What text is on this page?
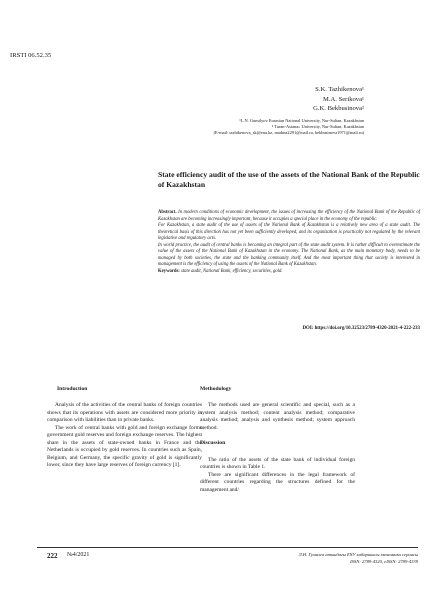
IRSTI 06.52.35
S.K. Tazhikenova¹
M.A. Serikova¹
G.K. Bekbusinova²
¹L.N. Gumilyov Eurasian National University, Nur-Sultan, Kazakhstan
² Turan-Astana» University, Nur-Sultan, Kazakhstan
(E-mail: tazhikenova_sk@enu.kz, madina2291@mail.ru, bekbusinova1971@mail.ru)
State efficiency audit of the use of the assets of the National Bank of the Republic of Kazakhstan

Abstract. In modern conditions of economic development, the issues of increasing the efficiency of the National Bank of the Republic of Kazakhstan are becoming increasingly important, because it occupies a special place in the economy of the republic.

For Kazakhstan, a state audit of the use of assets of the National Bank of Kazakhstan is a relatively new area of a state audit. The theoretical basis of this direction has not yet been sufficiently developed, and its organization is practically not regulated by the relevant legislative and regulatory acts.

In world practice, the audit of central banks is becoming an integral part of the state audit system. It is rather difficult to overestimate the value of the assets of the National Bank of Kazakhstan in the economy. The National Bank, as the main monetary body, needs to be managed by both societies, the state and the banking community itself. And the most important thing that society is interested in management is the efficiency of using the assets of the National Bank of Kazakhstan.

Keywords: state audit, National Bank, efficiency, securities, gold.

DOI: https://doi.org/10.32523/2789-4320-2021-4-222-233

Introduction

Analysis of the activities of the central banks of foreign countries shows that its operations with assets are considered more priority in comparison with liabilities than in private banks.

The work of central banks with gold and foreign exchange forms government gold reserves and foreign exchange reserves. The highest share in the assets of state-owned banks in France and the Netherlands is occupied by gold reserves. In countries such as Spain, Belgium, and Germany, the specific gravity of gold is significantly lower, since they have large reserves of foreign currency [1].

Methodology

The methods used are general scientific and special, such as a system analysis method; content analysis method; comparative analysis method; analysis and synthesis method; system approach method.

Discussion

The ratio of the assets of the state bank of individual foreign countries is shown in Table 1.

There are significant differences in the legal framework of different countries regarding the structures defined for the management and/

222 №4/2021	Л.Н. Гумилев атындағы ЕҰУ хабаршысы экономика сериясы
ISSN: 2789-4320, eISSN: 2789-4339
